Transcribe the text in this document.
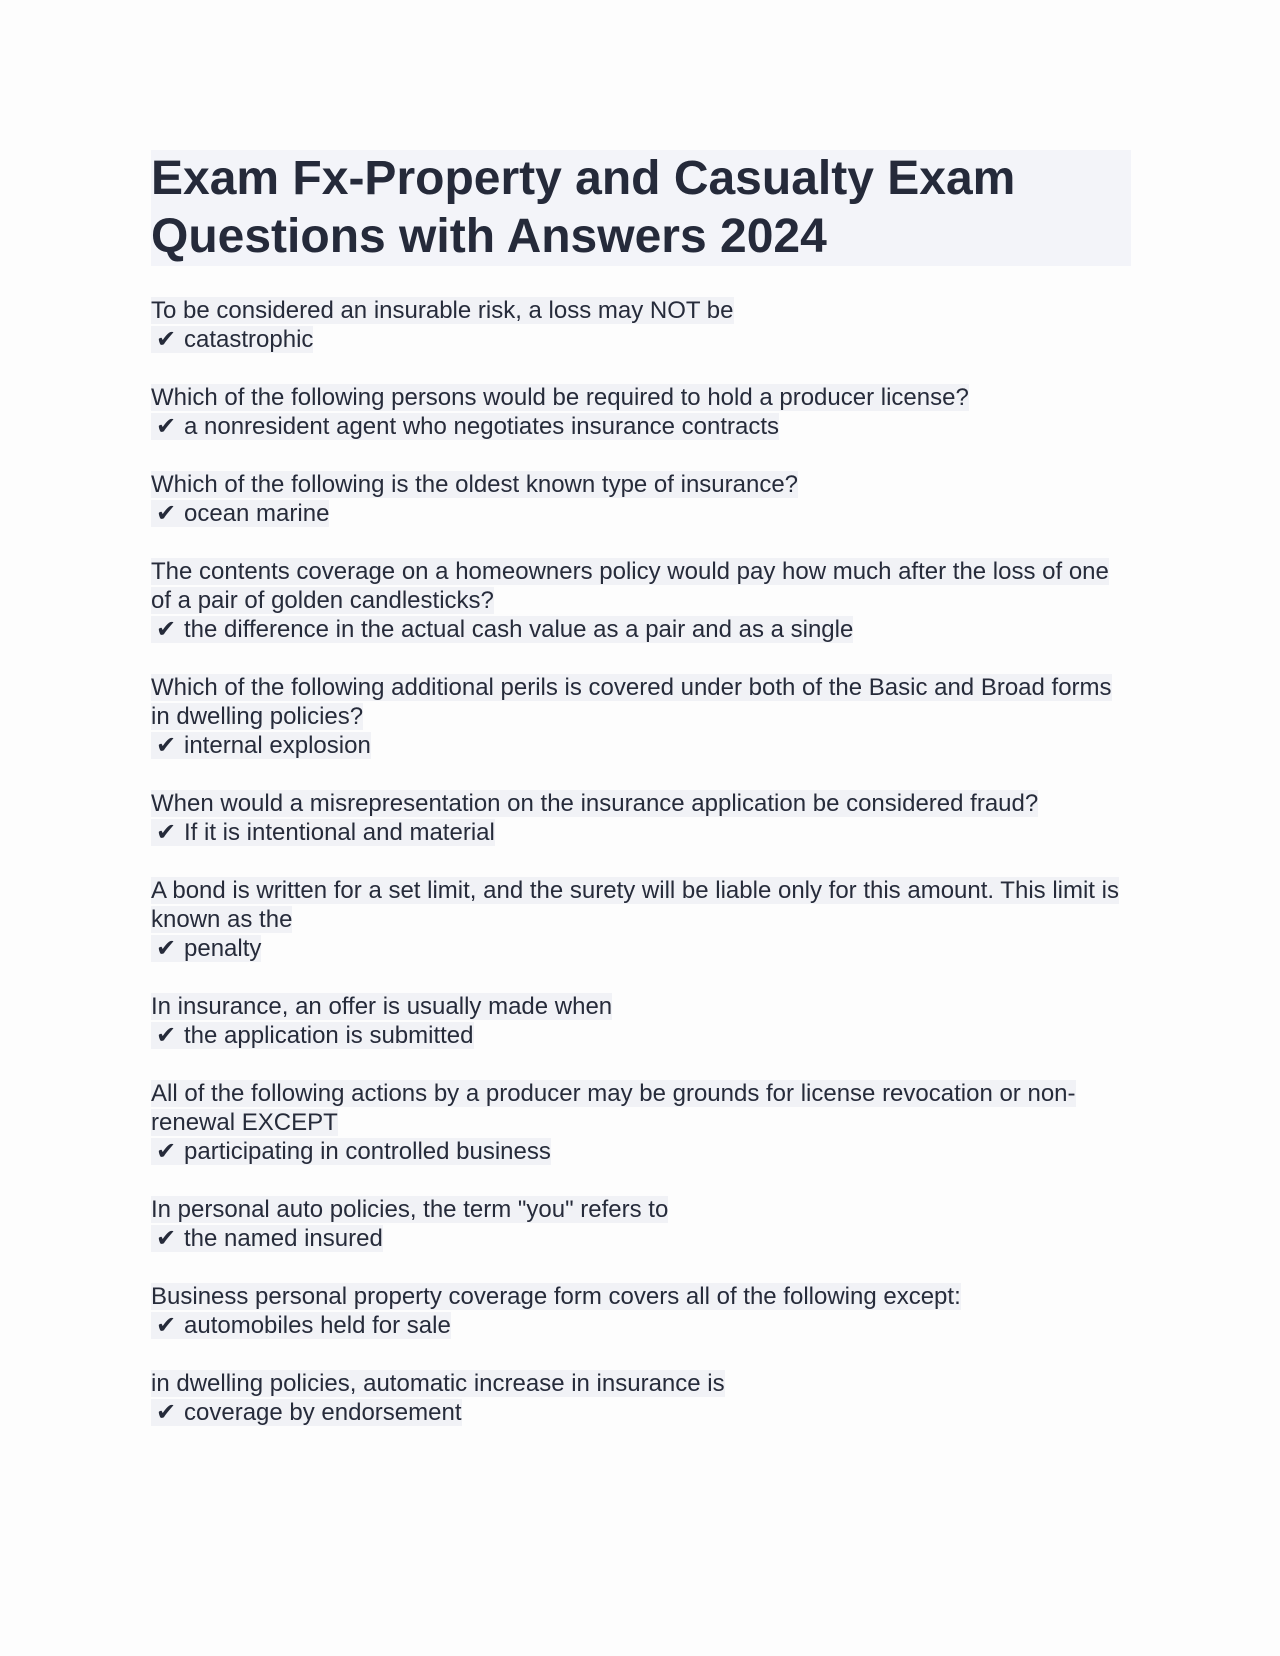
Exam Fx-Property and Casualty Exam Questions with Answers 2024
To be considered an insurable risk, a loss may NOT be
✔ catastrophic
Which of the following persons would be required to hold a producer license?
✔ a nonresident agent who negotiates insurance contracts
Which of the following is the oldest known type of insurance?
✔ ocean marine
The contents coverage on a homeowners policy would pay how much after the loss of one of a pair of golden candlesticks?
✔ the difference in the actual cash value as a pair and as a single
Which of the following additional perils is covered under both of the Basic and Broad forms in dwelling policies?
✔ internal explosion
When would a misrepresentation on the insurance application be considered fraud?
✔ If it is intentional and material
A bond is written for a set limit, and the surety will be liable only for this amount. This limit is known as the
✔ penalty
In insurance, an offer is usually made when
✔ the application is submitted
All of the following actions by a producer may be grounds for license revocation or non-renewal EXCEPT
✔ participating in controlled business
In personal auto policies, the term "you" refers to
✔ the named insured
Business personal property coverage form covers all of the following except:
✔ automobiles held for sale
in dwelling policies, automatic increase in insurance is
✔ coverage by endorsement
